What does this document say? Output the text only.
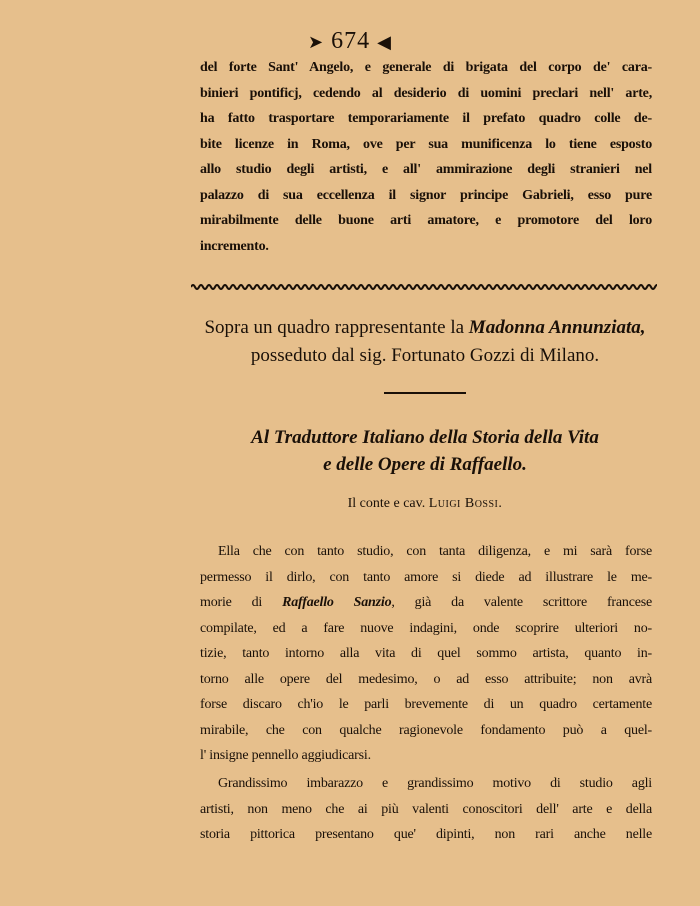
➤ 674 ◀
del forte Sant' Angelo, e generale di brigata del corpo de' cara-
binieri pontificj, cedendo al desiderio di uomini preclari nell' arte,
ha fatto trasportare temporariamente il prefato quadro colle de-
bite licenze in Roma, ove per sua munificenza lo tiene esposto
allo studio degli artisti, e all' ammirazione degli stranieri nel
palazzo di sua eccellenza il signor principe Gabrieli, esso pure
mirabilmente delle buone arti amatore, e promotore del loro
incremento.
Sopra un quadro rappresentante la Madonna Annunziata,
posseduto dal sig. Fortunato Gozzi di Milano.
Al Traduttore Italiano della Storia della Vita
e delle Opere di Raffaello.
Il conte e cav. Luigi Bossi.
Ella che con tanto studio, con tanta diligenza, e mi sarà forse
permesso il dirlo, con tanto amore si diede ad illustrare le me-
morie di Raffaello Sanzio, già da valente scrittore francese
compilate, ed a fare nuove indagini, onde scoprire ulteriori no-
tizie, tanto intorno alla vita di quel sommo artista, quanto in-
torno alle opere del medesimo, o ad esso attribuite; non avrà
forse discaro ch'io le parli brevemente di un quadro certamente
mirabile, che con qualche ragionevole fondamento può a quel-
l' insigne pennello aggiudicarsi.
Grandissimo imbarazzo e grandissimo motivo di studio agli
artisti, non meno che ai più valenti conoscitori dell' arte e della
storia pittorica presentano que' dipinti, non rari anche nelle
